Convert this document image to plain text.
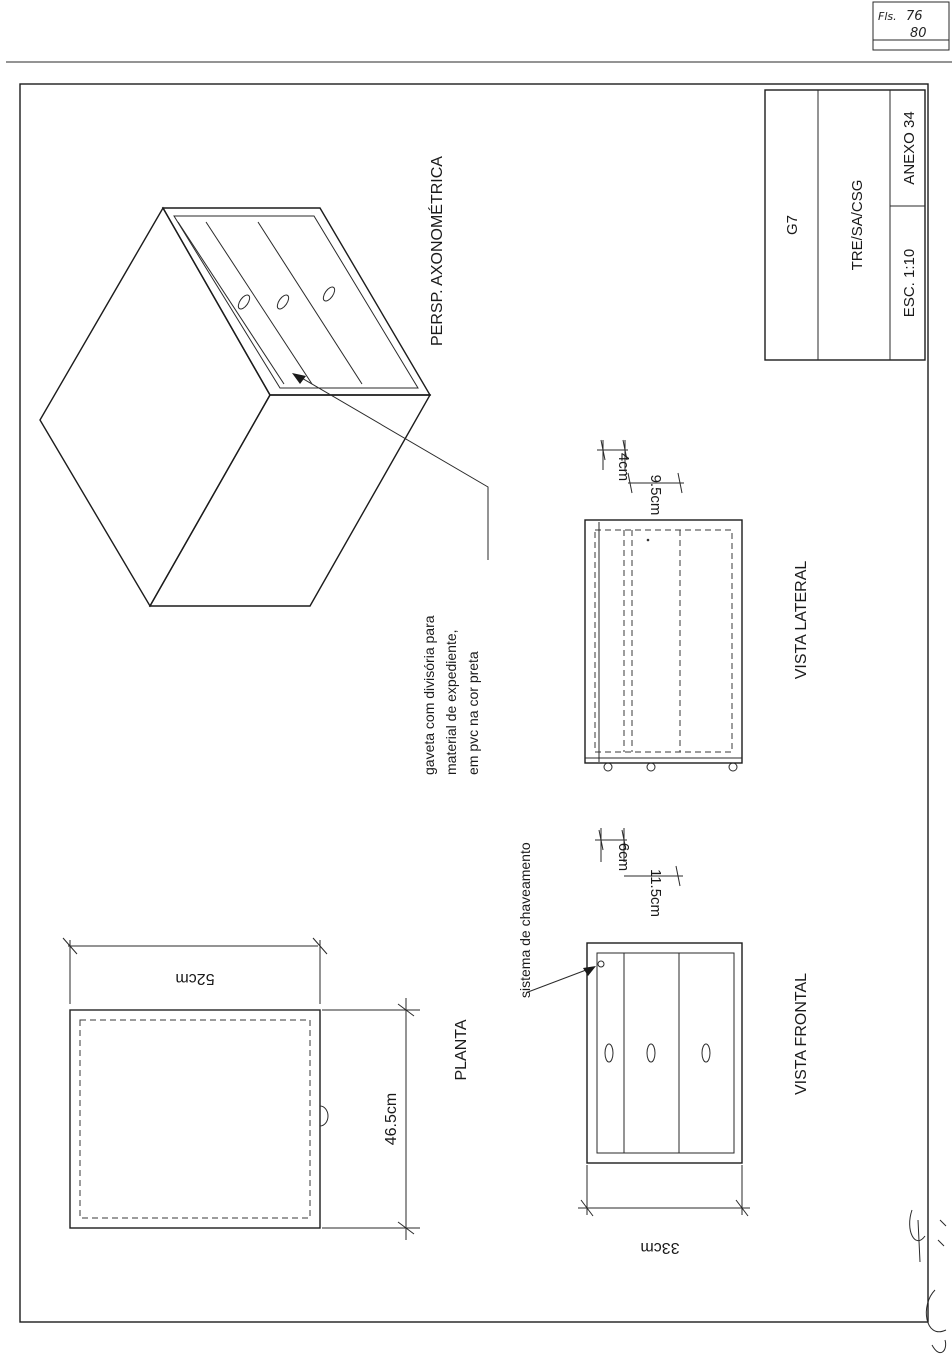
Fls. 76
80
G7	TRE/SA/CSG
ESC. 1:10
ANEXO 34
PERSP. AXONOMÉTRICA
gaveta com divisória para material de expediente, em pvc na cor preta
4cm
9.5cm
VISTA LATERAL
sistema de chaveamento	6cm
11.5cm
33cm
VISTA FRONTAL
52cm
46.5cm
PLANTA
